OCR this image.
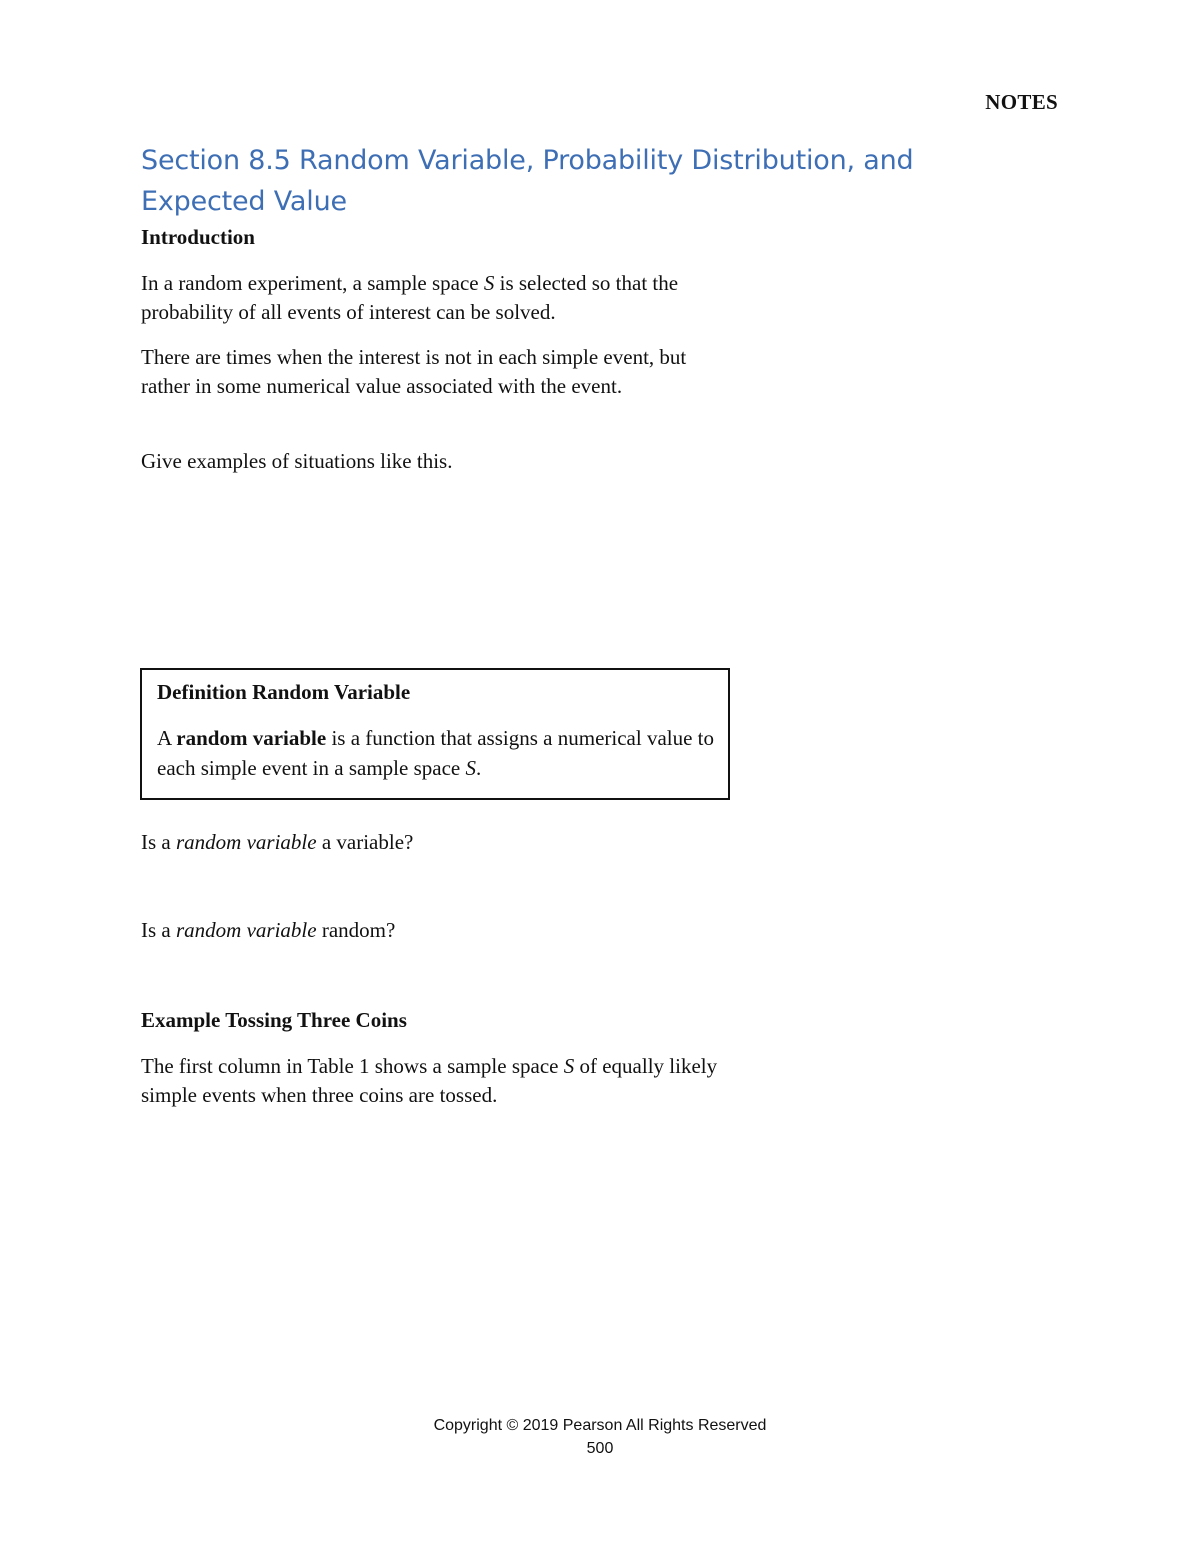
NOTES
Section 8.5 Random Variable, Probability Distribution, and Expected Value
Introduction
In a random experiment, a sample space S is selected so that the probability of all events of interest can be solved.
There are times when the interest is not in each simple event, but rather in some numerical value associated with the event.
Give examples of situations like this.
Definition Random Variable
A random variable is a function that assigns a numerical value to each simple event in a sample space S.
Is a random variable a variable?
Is a random variable random?
Example Tossing Three Coins
The first column in Table 1 shows a sample space S of equally likely simple events when three coins are tossed.
Copyright © 2019 Pearson All Rights Reserved
500
